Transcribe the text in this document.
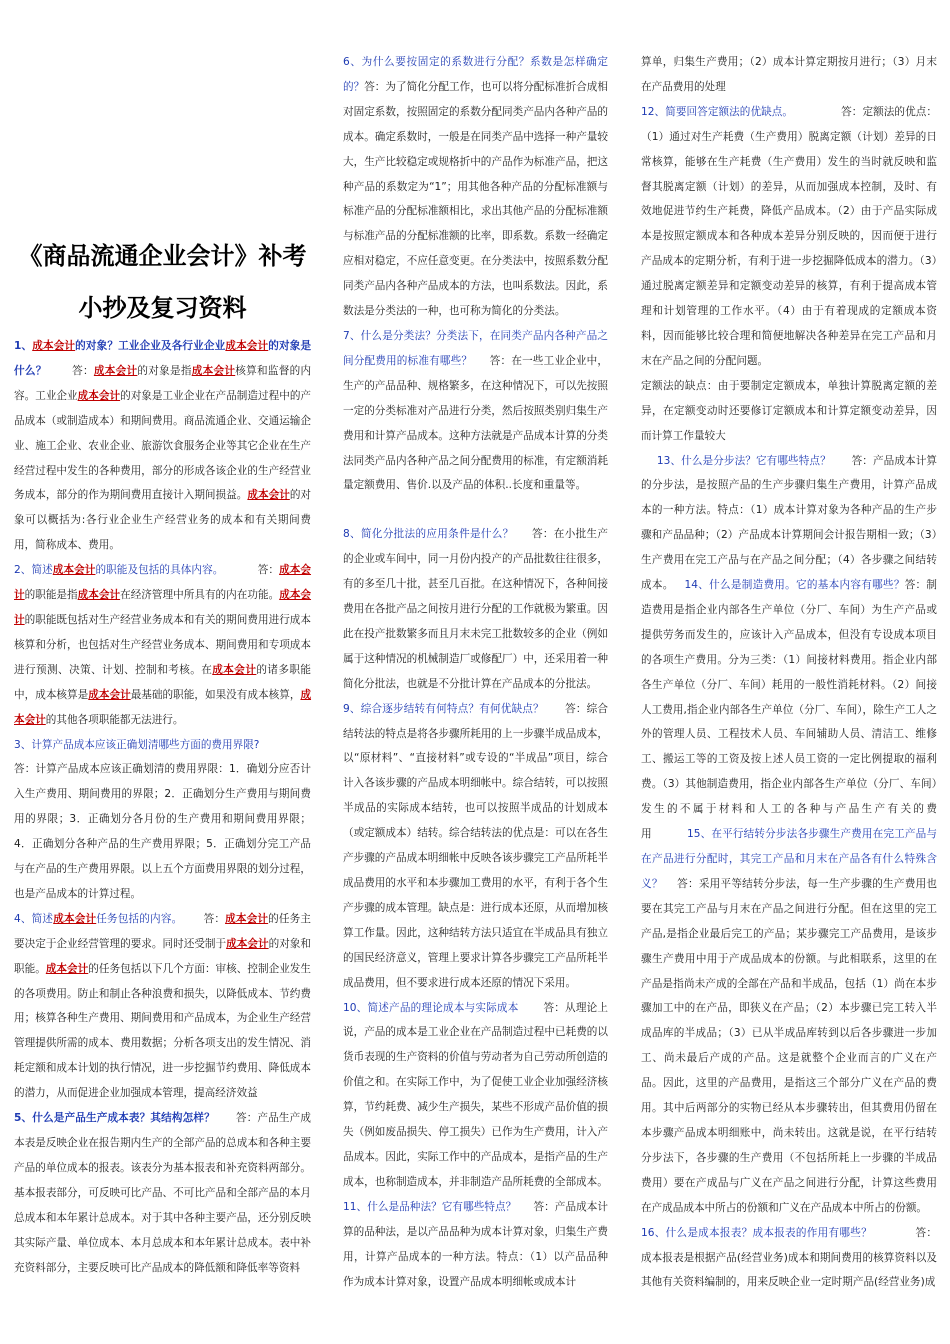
《商品流通企业会计》补考
小抄及复习资料

1、成本会计的对象？工业企业及各行业企业成本会计的对象是什么？ 答：成本会计的对象是指成本会计核算和监督的内容。工业企业成本会计的对象是工业企业在产品制造过程中的产品成本（或制造成本）和期间费用。商品流通企业、交通运输企业、施工企业、农业企业、旅游饮食服务企业等其它企业在生产经营过程中发生的各种费用，部分的形成各该企业的生产经营业务成本，部分的作为期间费用直接计入期间损益。成本会计的对象可以概括为:各行业企业生产经营业务的成本和有关期间费用，简称成本、费用。

2、简述成本会计的职能及包括的具体内容。	答：成本会计的职能是指成本会计在经济管理中所具有的内在功能。成本会计的职能既包括对生产经营业务成本和有关的期间费用进行成本核算和分析，也包括对生产经营业务成本、期间费用和专项成本进行预测、决策、计划、控制和考核。在成本会计的诸多职能中，成本核算是成本会计最基础的职能，如果没有成本核算，成本会计的其他各项职能都无法进行。

3、计算产品成本应该正确划清哪些方面的费用界限?

答：计算产品成本应该正确划清的费用界限：1．确划分应否计入生产费用、期间费用的界限；2．正确划分生产费用与期间费用的界限；3．正确划分各月份的生产费用和期间费用界限；4．正确划分各种产品的生产费用界限；5．正确划分完工产品与在产品的生产费用界限。以上五个方面费用界限的划分过程，也是产品成本的计算过程。

4、简述成本会计任务包括的内容。 答：成本会计的任务主要决定于企业经营管理的要求。同时还受制于成本会计的对象和职能。成本会计的任务包括以下几个方面：审核、控制企业发生的各项费用。防止和制止各种浪费和损失，以降低成本、节约费用；核算各种生产费用、期间费用和产品成本，为企业生产经营管理提供所需的成本、费用数据；分析各项支出的发生情况、消耗定额和成本计划的执行情况，进一步挖掘节约费用、降低成本的潜力，从而促进企业加强成本管理，提高经济效益

5、什么是产品生产成本表？其结构怎样？ 答：产品生产成本表是反映企业在报告期内生产的全部产品的总成本和各种主要产品的单位成本的报表。该表分为基本报表和补充资料两部分。基本报表部分，可反映可比产品、不可比产品和全部产品的本月总成本和本年累计总成本。对于其中各种主要产品，还分别反映其实际产量、单位成本、本月总成本和本年累计总成本。表中补充资料部分，主要反映可比产品成本的降低额和降低率等资料

6、为什么要按固定的系数进行分配？系数是怎样确定的？答：为了简化分配工作，也可以将分配标准折合成相对固定系数，按照固定的系数分配同类产品内各种产品的成本。确定系数时，一般是在同类产品中选择一种产量较大，生产比较稳定或规格折中的产品作为标准产品，把这种产品的系数定为“1”；用其他各种产品的分配标准额与标准产品的分配标准额相比，求出其他产品的分配标准额与标准产品的分配标准额的比率，即系数。系数一经确定应相对稳定，不应任意变更。在分类法中，按照系数分配同类产品内各种产品成本的方法，也叫系数法。因此，系数法是分类法的一种，也可称为简化的分类法。

7、什么是分类法？分类法下，在同类产品内各种产品之间分配费用的标准有哪些？ 答：在一些工业企业中，生产的产品品种、规格繁多，在这种情况下，可以先按照一定的分类标准对产品进行分类，然后按照类别归集生产费用和计算产品成本。这种方法就是产品成本计算的分类法同类产品内各种产品之间分配费用的标准，有定额消耗量定额费用、售价.以及产品的体积..长度和重量等。

8、简化分批法的应用条件是什么？ 答：在小批生产的企业或车间中，同一月份内投产的产品批数往往很多，有的多至几十批，甚至几百批。在这种情况下，各种间接费用在各批产品之间按月进行分配的工作就极为繁重。因此在投产批数繁多而且月末未完工批数较多的企业（例如属于这种情况的机械制造厂或修配厂）中，还采用着一种简化分批法，也就是不分批计算在产品成本的分批法。

9、综合逐步结转有何特点？有何优缺点？ 答：综合结转法的特点是将各步骤所耗用的上一步骤半成品成本，以“原材料”、“直接材料”或专设的“半成品”项目，综合计入各该步骤的产品成本明细帐中。综合结转，可以按照半成品的实际成本结转，也可以按照半成品的计划成本（或定额成本）结转。综合结转法的优点是：可以在各生产步骤的产品成本明细帐中反映各该步骤完工产品所耗半成品费用的水平和本步骤加工费用的水平，有利于各个生产步骤的成本管理。缺点是：进行成本还原，从而增加核算工作量。因此，这种结转方法只适宜在半成品具有独立的国民经济意义，管理上要求计算各步骤完工产品所耗半成品费用，但不要求进行成本还原的情况下采用。

10、简述产品的理论成本与实际成本 答：从理论上说，产品的成本是工业企业在产品制造过程中已耗费的以货币表现的生产资料的价值与劳动者为自己劳动所创造的价值之和。在实际工作中，为了促使工业企业加强经济核算，节约耗费、减少生产损失，某些不形成产品价值的损失（例如废品损失、停工损失）已作为生产费用，计入产品成本。因此，实际工作中的产品成本，是指产品的生产成本，也称制造成本，并非制造产品所耗费的全部成本。

11、什么是品种法？它有哪些特点？ 答：产品成本计算的品种法，是以产品品种为成本计算对象，归集生产费用，计算产品成本的一种方法。特点：（1）以产品品种作为成本计算对象，设置产品成本明细帐或成本计

算单，归集生产费用；（2）成本计算定期按月进行；（3）月末在产品费用的处理

12、简要回答定额法的优缺点。	答：定额法的优点：（1）通过对生产耗费（生产费用）脱离定额（计划）差异的日常核算，能够在生产耗费（生产费用）发生的当时就反映和监督其脱离定额（计划）的差异，从而加强成本控制，及时、有效地促进节约生产耗费，降低产品成本。（2）由于产品实际成本是按照定额成本和各种成本差异分别反映的，因而便于进行产品成本的定期分析，有利于进一步挖掘降低成本的潜力。（3）通过脱离定额差异和定额变动差异的核算，有利于提高成本管理和计划管理的工作水平。（4）由于有着现成的定额成本资料，因而能够比较合理和简便地解决各种差异在完工产品和月末在产品之间的分配问题。

定额法的缺点：由于要制定定额成本，单独计算脱离定额的差异，在定额变动时还要修订定额成本和计算定额变动差异，因而计算工作量较大

13、什么是分步法？它有哪些特点？ 答：产品成本计算的分步法，是按照产品的生产步骤归集生产费用，计算产品成本的一种方法。特点：（1）成本计算对象为各种产品的生产步骤和产品品种；（2）产品成本计算期间会计报告期相一致；（3）生产费用在完工产品与在产品之间分配；（4）各步骤之间结转成本。 14、什么是制造费用。它的基本内容有哪些？答：制造费用是指企业内部各生产单位（分厂、车间）为生产产品或提供劳务而发生的，应该计入产品成本，但没有专设成本项目的各项生产费用。分为三类：（1）间接材料费用。指企业内部各生产单位（分厂、车间）耗用的一般性消耗材料。（2）间接人工费用,指企业内部各生产单位（分厂、车间），除生产工人之外的管理人员、工程技术人员、车间辅助人员、清洁工、维修工、搬运工等的工资及按上述人员工资的一定比例提取的福利费。（3）其他制造费用，指企业内部各生产单位（分厂、车间）发生的不属于材料和人工的各种与产品生产有关的费用	15、在平行结转分步法各步骤生产费用在完工产品与在产品进行分配时，其完工产品和月末在产品各有什么特殊含义？ 答：采用平等结转分步法，每一生产步骤的生产费用也要在其完工产品与月末在产品之间进行分配。但在这里的完工产品,是指企业最后完工的产品；某步骤完工产品费用，是该步骤生产费用中用于产成品成本的份额。与此相联系，这里的在产品是指尚未产成的全部在产品和半成品，包括（1）尚在本步骤加工中的在产品，即狭义在产品；（2）本步骤已完工转入半成品库的半成品；（3）已从半成品库转到以后各步骤进一步加工、尚未最后产成的产品。这是就整个企业而言的广义在产品。因此，这里的产品费用，是指这三个部分广义在产品的费用。其中后两部分的实物已经从本步骤转出，但其费用仍留在本步骤产品成本明细账中，尚未转出。这就是说，在平行结转分步法下，各步骤的生产费用（不包括所耗上一步骤的半成品费用）要在产成品与广义在产品之间进行分配，计算这些费用在产成品成本中所占的份额和广义在产品成本中所占的份额。

16、什么是成本报表？成本报表的作用有哪些？	答：成本报表是根据产品(经营业务)成本和期间费用的核算资料以及其他有关资料编制的，用来反映企业一定时期产品(经营业务)成
